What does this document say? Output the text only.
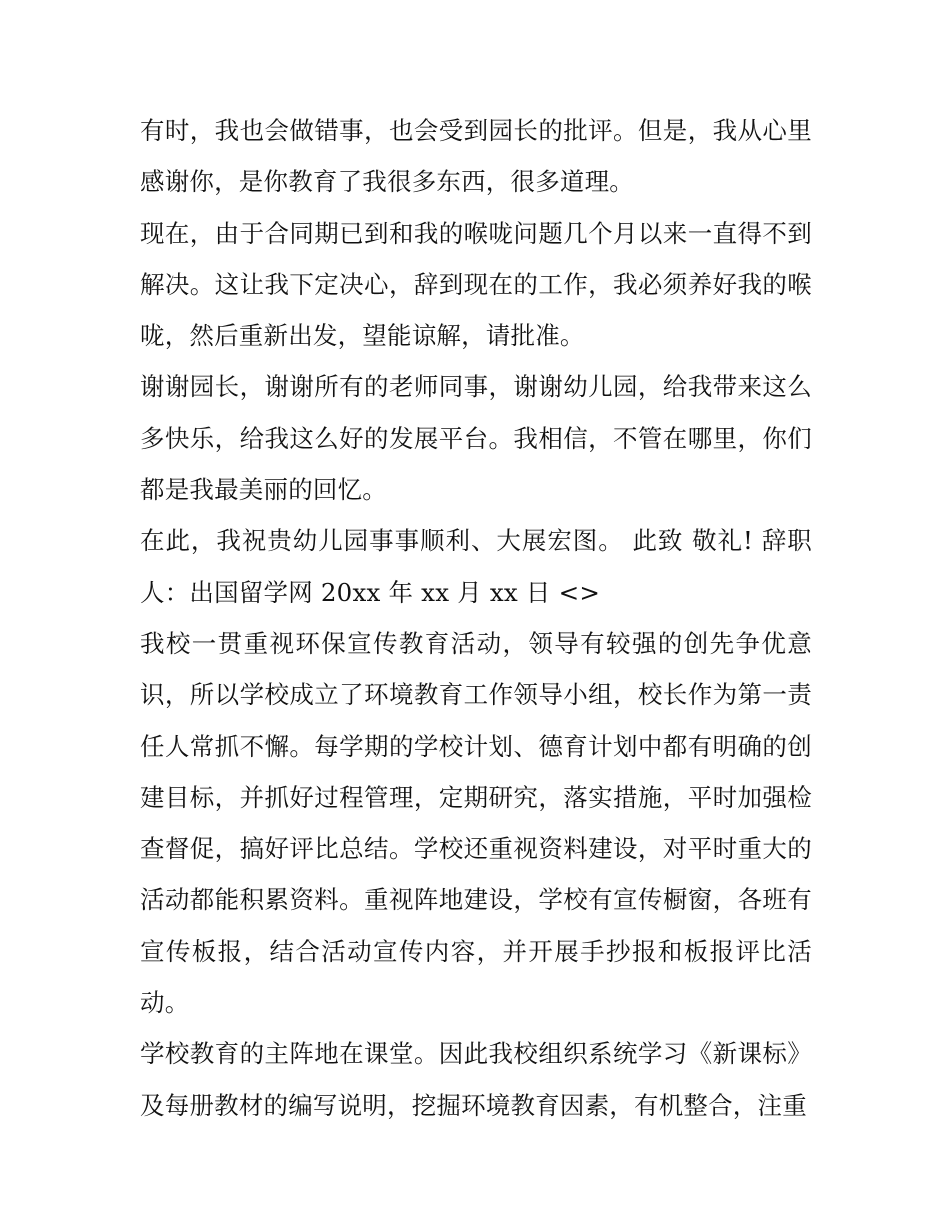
有时，我也会做错事，也会受到园长的批评。但是，我从心里感谢你，是你教育了我很多东西，很多道理。

现在，由于合同期已到和我的喉咙问题几个月以来一直得不到解决。这让我下定决心，辞到现在的工作，我必须养好我的喉咙，然后重新出发，望能谅解，请批准。

谢谢园长，谢谢所有的老师同事，谢谢幼儿园，给我带来这么多快乐，给我这么好的发展平台。我相信，不管在哪里，你们都是我最美丽的回忆。

在此，我祝贵幼儿园事事顺利、大展宏图。 此致 敬礼! 辞职人：出国留学网 20xx 年 xx 月 xx 日 <>

我校一贯重视环保宣传教育活动，领导有较强的创先争优意识，所以学校成立了环境教育工作领导小组，校长作为第一责任人常抓不懈。每学期的学校计划、德育计划中都有明确的创建目标，并抓好过程管理，定期研究，落实措施，平时加强检查督促，搞好评比总结。学校还重视资料建设，对平时重大的活动都能积累资料。重视阵地建设，学校有宣传橱窗，各班有宣传板报，结合活动宣传内容，并开展手抄报和板报评比活动。

学校教育的主阵地在课堂。因此我校组织系统学习《新课标》及每册教材的编写说明，挖掘环境教育因素，有机整合，注重
